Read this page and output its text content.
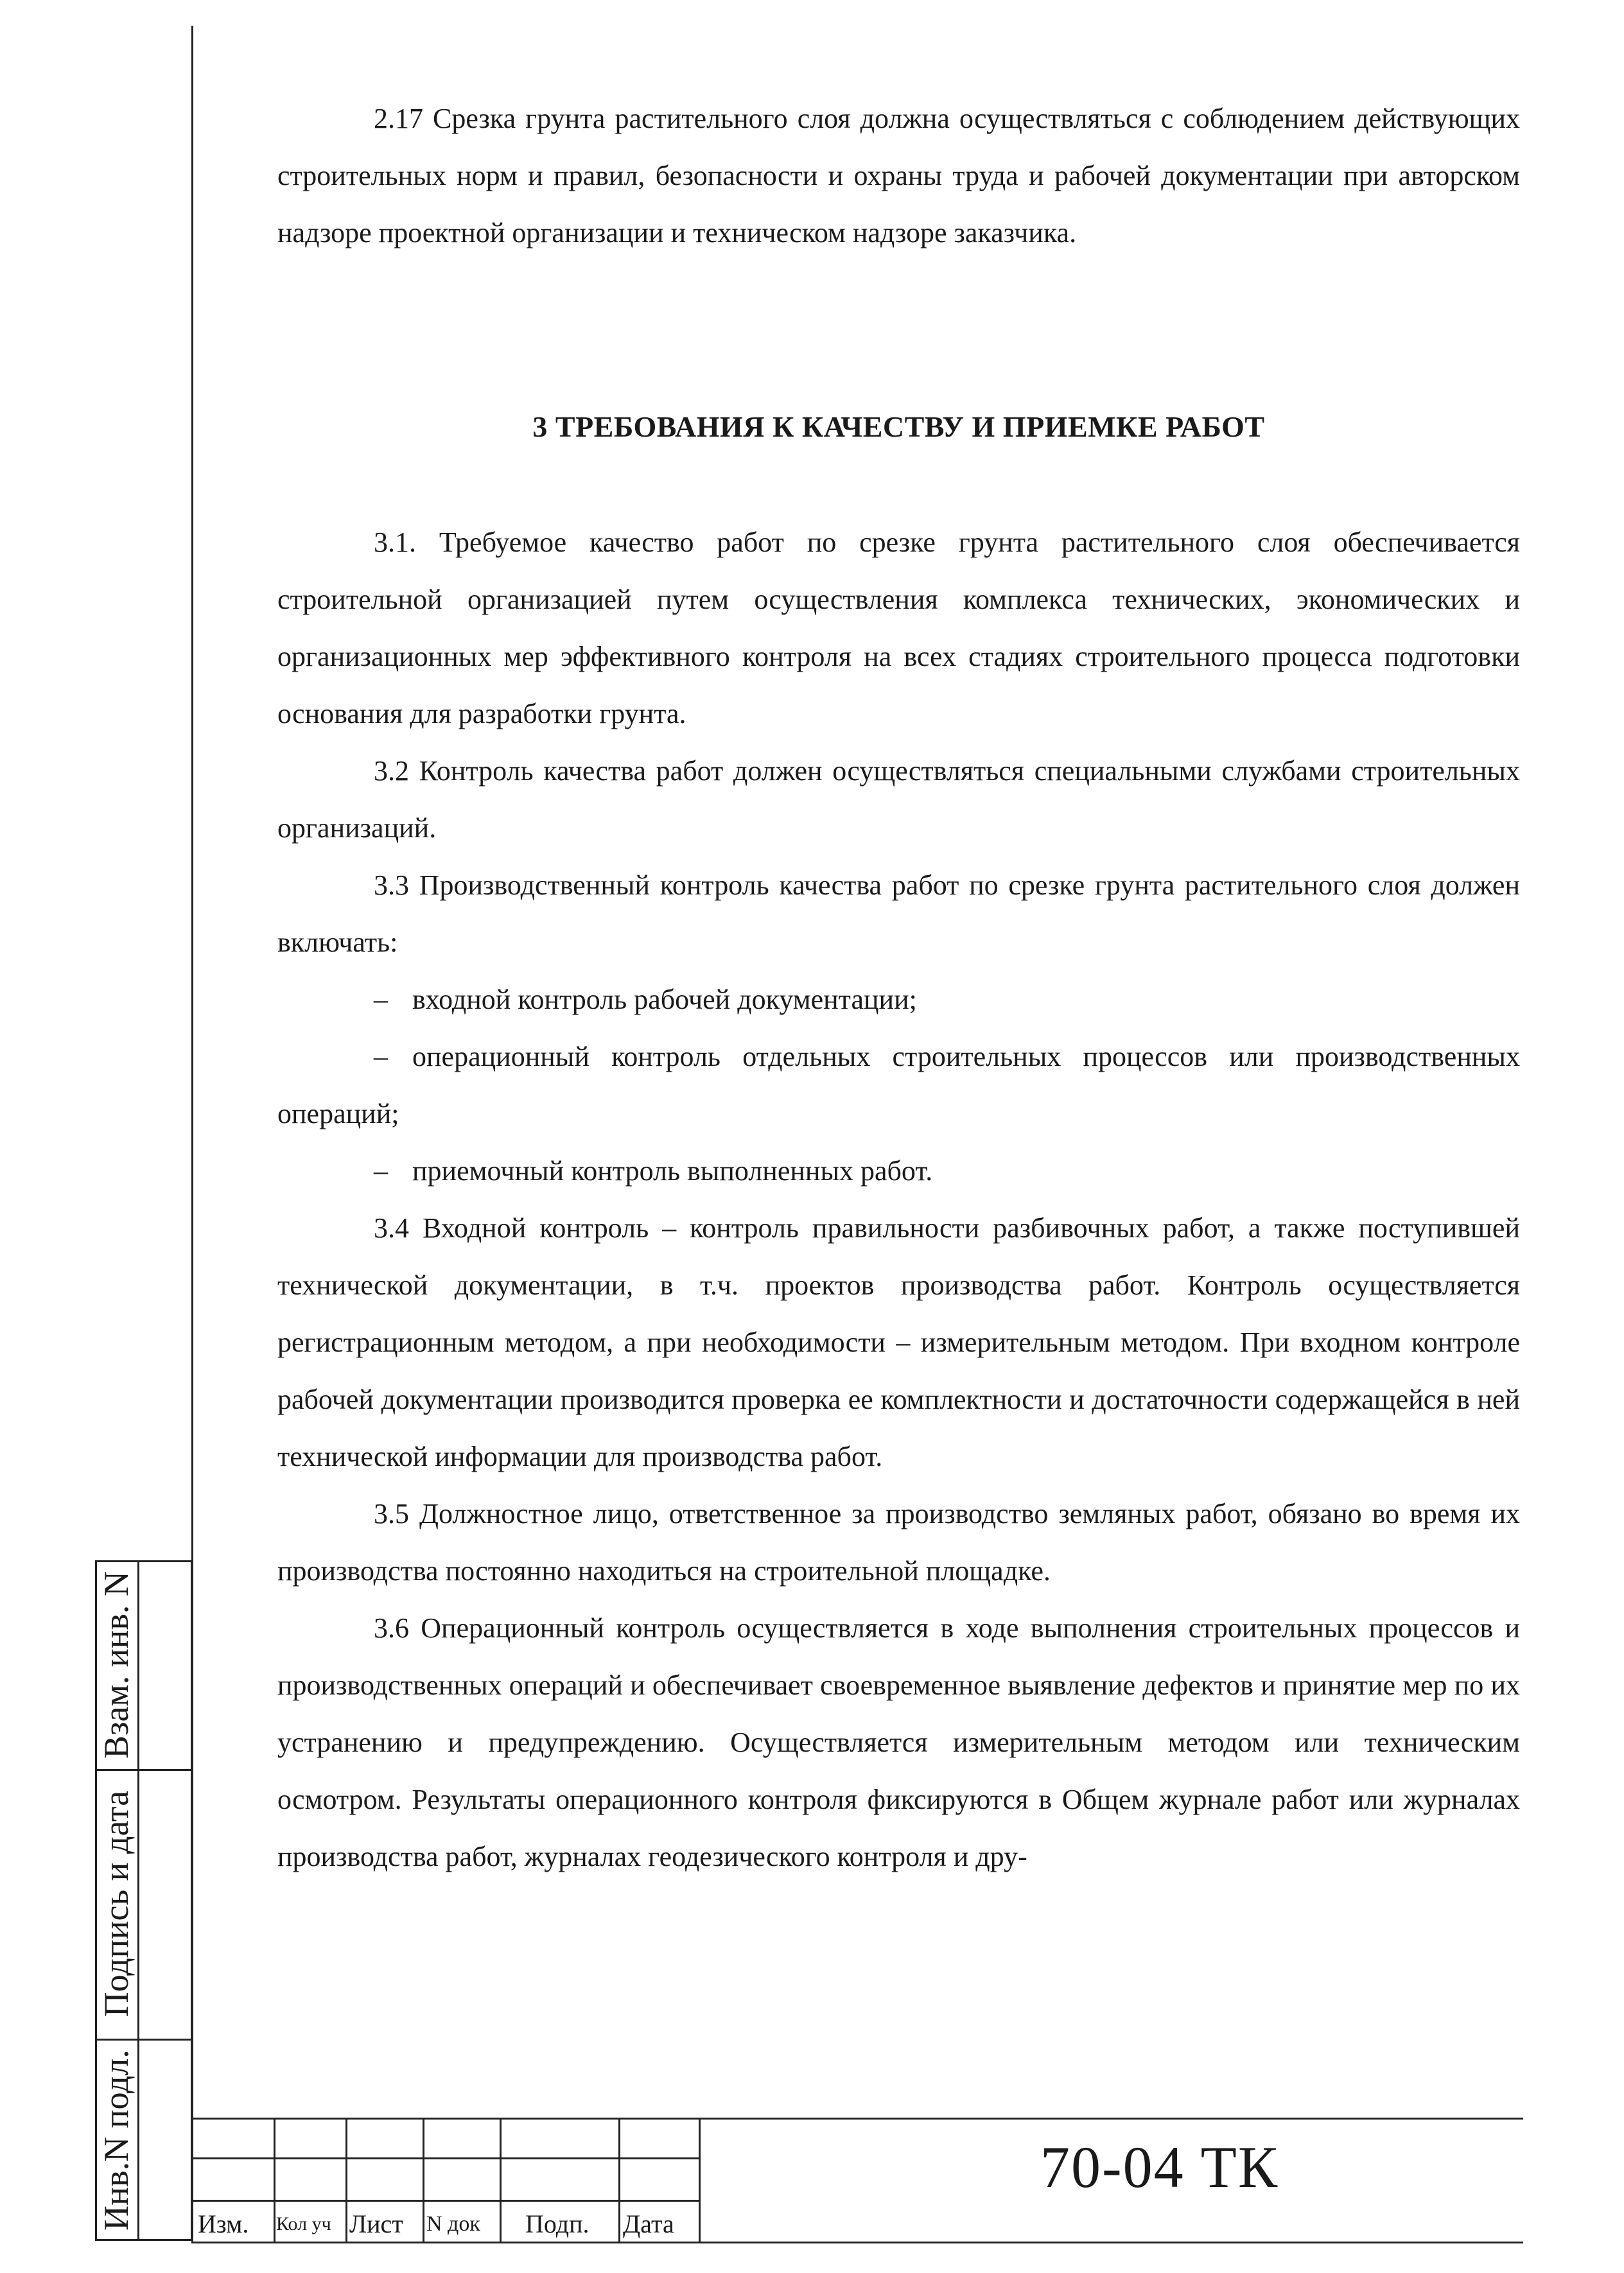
2.17 Срезка грунта растительного слоя должна осуществляться с соблюдением действующих строительных норм и правил, безопасности и охраны труда и рабочей документации при авторском надзоре проектной организации и техническом надзоре заказчика.

3 ТРЕБОВАНИЯ К КАЧЕСТВУ И ПРИЕМКЕ РАБОТ

3.1. Требуемое качество работ по срезке грунта растительного слоя обеспечивается строительной организацией путем осуществления комплекса технических, экономических и организационных мер эффективного контроля на всех стадиях строительного процесса подготовки основания для разработки грунта.

3.2 Контроль качества работ должен осуществляться специальными службами строительных организаций.

3.3 Производственный контроль качества работ по срезке грунта растительного слоя должен включать:

– входной контроль рабочей документации;

– операционный контроль отдельных строительных процессов или производственных операций;

– приемочный контроль выполненных работ.

3.4 Входной контроль – контроль правильности разбивочных работ, а также поступившей технической документации, в т.ч. проектов производства работ. Контроль осуществляется регистрационным методом, а при необходимости – измерительным методом. При входном контроле рабочей документации производится проверка ее комплектности и достаточности содержащейся в ней технической информации для производства работ.

3.5 Должностное лицо, ответственное за производство земляных работ, обязано во время их производства постоянно находиться на строительной площадке.

3.6 Операционный контроль осуществляется в ходе выполнения строительных процессов и производственных операций и обеспечивает своевременное выявление дефектов и принятие мер по их устранению и предупреждению. Осуществляется измерительным методом или техническим осмотром. Результаты операционного контроля фиксируются в Общем журнале работ или журналах производства работ, журналах геодезического контроля и дру-

Взам. инв. N
Подпись и дата
Инв.N подл. Изм. Кол уч Лист N док Подп. Дата
70-04 ТК
